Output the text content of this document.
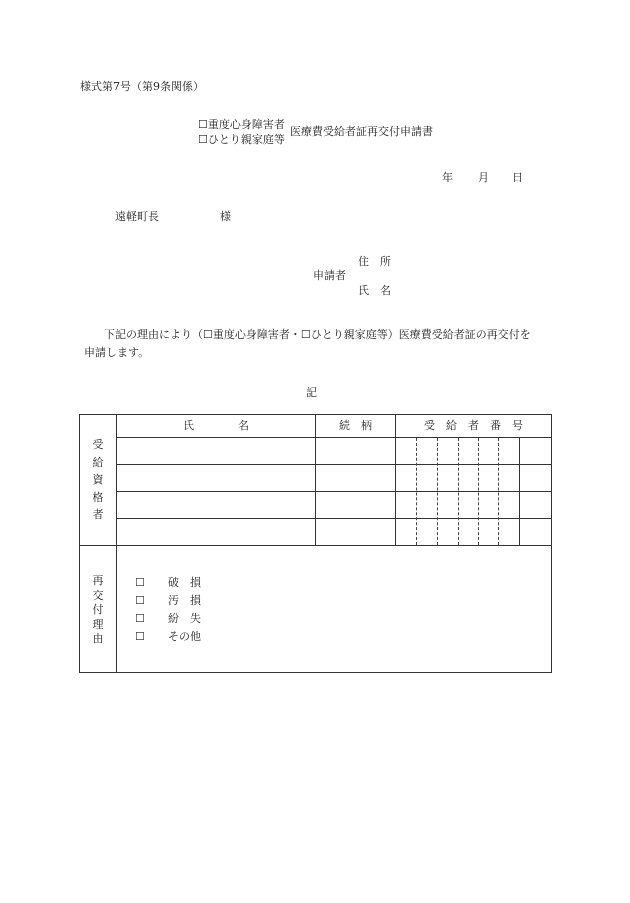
様式第7号（第9条関係）
☐重度心身障害者
☐ひとり親家庭等
医療費受給者証再交付申請書
年 月 日
遠軽町長	様
住　所
申請者
氏　名
下記の理由により（☐重度心身障害者・☐ひとり親家庭等）医療費受給者証の再交付を
申請します。
記
氏　　　　名	続　柄	受　給　者　番　号
受
給
資
格
者
再
交
付
理
由
☐ 破　損
☐ 汚　損
☐ 紛　失
☐ その他
